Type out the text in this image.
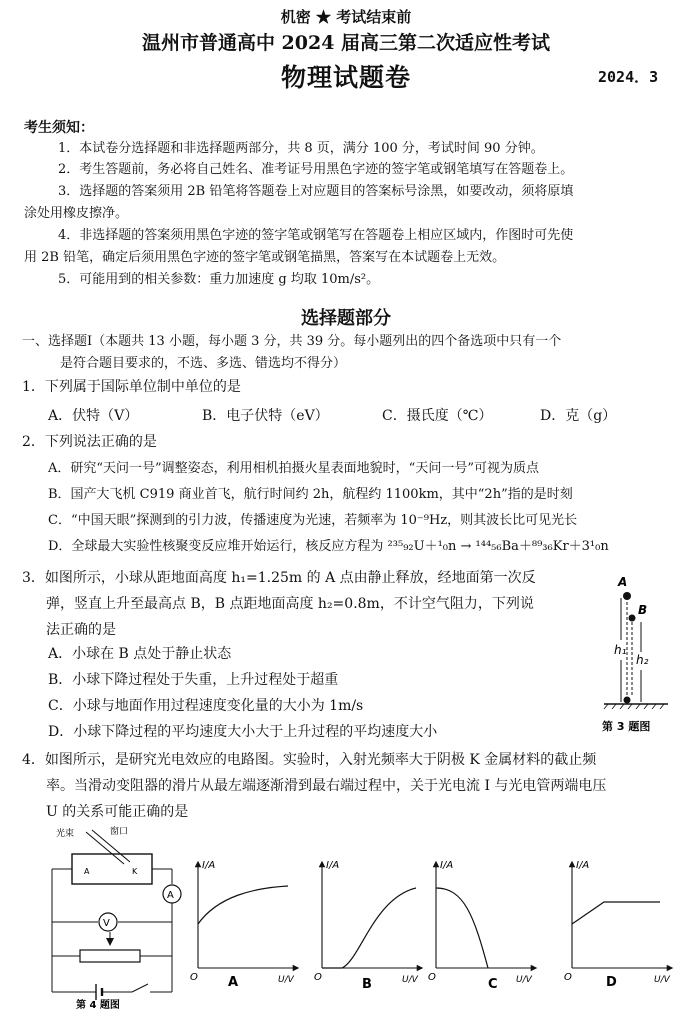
机密 ★ 考试结束前
温州市普通高中 2024 届高三第二次适应性考试
物理试题卷	2024．3
考生须知：
1．本试卷分选择题和非选择题两部分，共 8 页，满分 100 分，考试时间 90 分钟。
2．考生答题前，务必将自己姓名、准考证号用黑色字迹的签字笔或钢笔填写在答题卷上。
3．选择题的答案须用 2B 铅笔将答题卷上对应题目的答案标号涂黑，如要改动，须将原填
涂处用橡皮擦净。
4．非选择题的答案须用黑色字迹的签字笔或钢笔写在答题卷上相应区域内，作图时可先使
用 2B 铅笔，确定后须用黑色字迹的签字笔或钢笔描黑，答案写在本试题卷上无效。
5．可能用到的相关参数：重力加速度 g 均取 10m/s²。
选择题部分
一、选择题Ⅰ（本题共 13 小题，每小题 3 分，共 39 分。每小题列出的四个备选项中只有一个
是符合题目要求的，不选、多选、错选均不得分）
1．下列属于国际单位制中单位的是
A．伏特（V）	B．电子伏特（eV）	C．摄氏度（℃）	D．克（g）
2．下列说法正确的是
A．研究“天问一号”调整姿态，利用相机拍摄火星表面地貌时，“天问一号”可视为质点
B．国产大飞机 C919 商业首飞，航行时间约 2h，航程约 1100km，其中“2h”指的是时刻
C．“中国天眼”探测到的引力波，传播速度为光速，若频率为 10⁻⁹Hz，则其波长比可见光长
D．全球最大实验性核聚变反应堆开始运行，核反应方程为 ²³⁵₉₂U＋¹₀n → ¹⁴⁴₅₆Ba＋⁸⁹₃₆Kr＋3¹₀n
3．如图所示，小球从距地面高度 h₁=1.25m 的 A 点由静止释放，经地面第一次反
弹，竖直上升至最高点 B，B 点距地面高度 h₂=0.8m，不计空气阻力，下列说
法正确的是
A．小球在 B 点处于静止状态
B．小球下降过程处于失重，上升过程处于超重
C．小球与地面作用过程速度变化量的大小为 1m/s
D．小球下降过程的平均速度大小大于上升过程的平均速度大小
A
B
h₁
h₂
第 3 题图
4．如图所示，是研究光电效应的电路图。实验时，入射光频率大于阴极 K 金属材料的截止频
率。当滑动变阻器的滑片从最左端逐渐滑到最右端过程中，关于光电流 I 与光电管两端电压
U 的关系可能正确的是
光束	窗口
A	K
A
V
第 4 题图
I/A
O	U/V
A
I/A
O	U/V
B
I/A
O	U/V
C
I/A
O	U/V
D
